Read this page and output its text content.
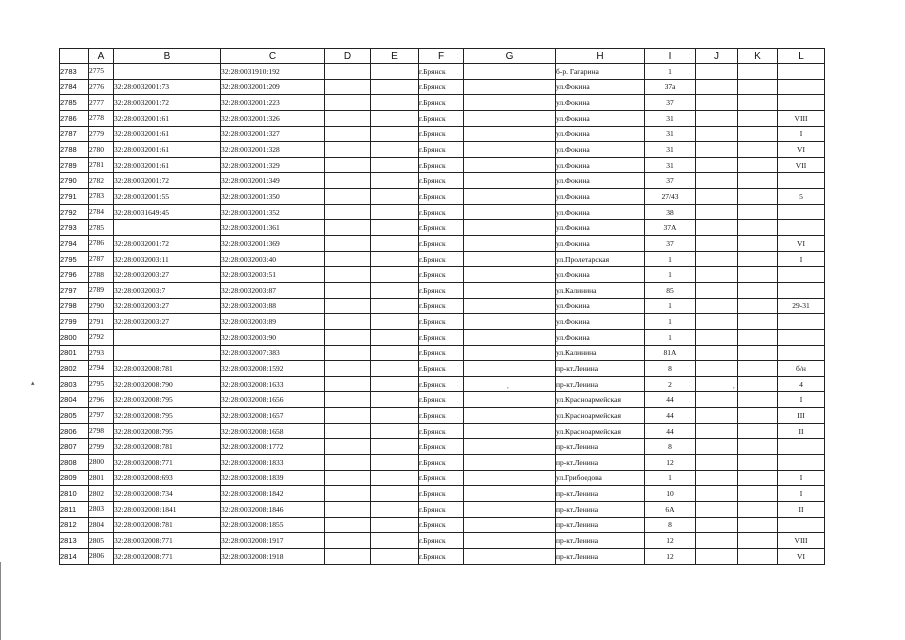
	A	B	C	D	E	F	G	H	I	J	K	L
2783	2775		32:28:0031910:192			г.Брянск		б-р. Гагарина	1			
2784	2776	32:28:0032001:73	32:28:0032001:209			г.Брянск		ул.Фокина	37а			
2785	2777	32:28:0032001:72	32:28:0032001:223			г.Брянск		ул.Фокина	37			
2786	2778	32:28:0032001:61	32:28:0032001:326			г.Брянск		ул.Фокина	31			VIII
2787	2779	32:28:0032001:61	32:28:0032001:327			г.Брянск		ул.Фокина	31			I
2788	2780	32:28:0032001:61	32:28:0032001:328			г.Брянск		ул.Фокина	31			VI
2789	2781	32:28:0032001:61	32:28:0032001:329			г.Брянск		ул.Фокина	31			VII
2790	2782	32:28:0032001:72	32:28:0032001:349			г.Брянск		ул.Фокина	37			
2791	2783	32:28:0032001:55	32:28:0032001:350			г.Брянск		ул.Фокина	27/43			5
2792	2784	32:28:0031649:45	32:28:0032001:352			г.Брянск		ул.Фокина	38			
2793	2785		32:28:0032001:361			г.Брянск		ул.Фокина	37А			
2794	2786	32:28:0032001:72	32:28:0032001:369			г.Брянск		ул.Фокина	37			VI
2795	2787	32:28:0032003:11	32:28:0032003:40			г.Брянск		ул.Пролетарская	1			I
2796	2788	32:28:0032003:27	32:28:0032003:51			г.Брянск		ул.Фокина	1			
2797	2789	32:28:0032003:7	32:28:0032003:87			г.Брянск		ул.Калинина	85			
2798	2790	32:28:0032003:27	32:28:0032003:88			г.Брянск		ул.Фокина	1			29-31
2799	2791	32:28:0032003:27	32:28:0032003:89			г.Брянск		ул.Фокина	1			
2800	2792		32:28:0032003:90			г.Брянск		ул.Фокина	1			
2801	2793		32:28:0032007:383			г.Брянск		ул.Калинина	81А			
2802	2794	32:28:0032008:781	32:28:0032008:1592			г.Брянск		пр-кт.Ленина	8			б/н
2803	2795	32:28:0032008:790	32:28:0032008:1633			г.Брянск		пр-кт.Ленина	2			4
2804	2796	32:28:0032008:795	32:28:0032008:1656			г.Брянск		ул.Красноармейская	44			I
2805	2797	32:28:0032008:795	32:28:0032008:1657			г.Брянск		ул.Красноармейская	44			III
2806	2798	32:28:0032008:795	32:28:0032008:1658			г.Брянск		ул.Красноармейская	44			II
2807	2799	32:28:0032008:781	32:28:0032008:1772			г.Брянск		пр-кт.Ленина	8			
2808	2800	32:28:0032008:771	32:28:0032008:1833			г.Брянск		пр-кт.Ленина	12			
2809	2801	32:28:0032008:693	32:28:0032008:1839			г.Брянск		ул.Грибоедова	1			I
2810	2802	32:28:0032008:734	32:28:0032008:1842			г.Брянск		пр-кт.Ленина	10			I
2811	2803	32:28:0032008:1841	32:28:0032008:1846			г.Брянск		пр-кт.Ленина	6А			II
2812	2804	32:28:0032008:781	32:28:0032008:1855			г.Брянск		пр-кт.Ленина	8			
2813	2805	32:28:0032008:771	32:28:0032008:1917			г.Брянск		пр-кт.Ленина	12			VIII
2814	2806	32:28:0032008:771	32:28:0032008:1918			г.Брянск		пр-кт.Ленина	12			VI
▴	,	,
